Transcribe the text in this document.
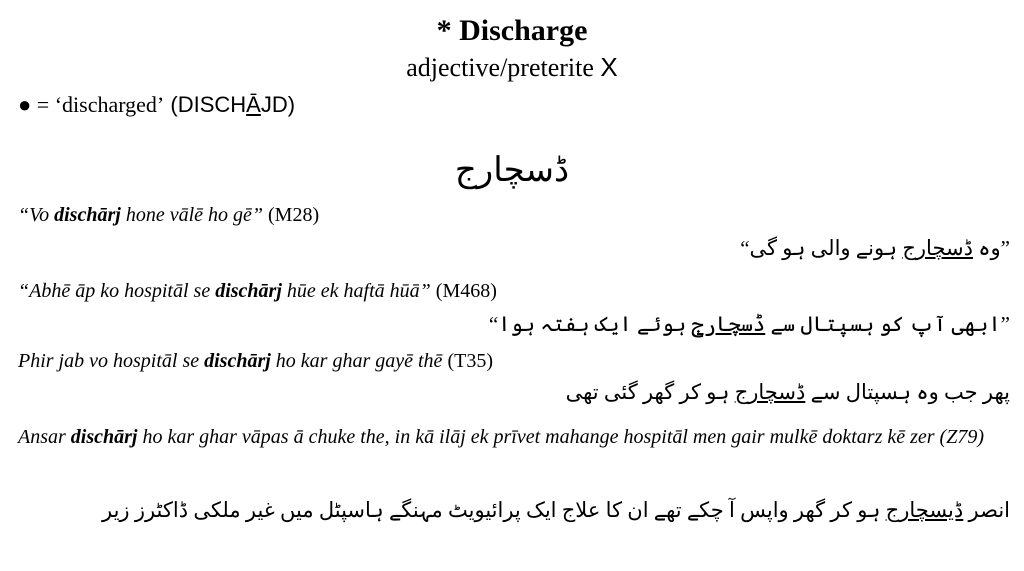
* Discharge
adjective/preterite X
● = ‘discharged’ (DISCHĀJD)
ڈسچارج
“Vo dischārj hone vālē ho gē” (M28)
”وہ ڈسچارج ہونے والی ہو گی“
“Abhē āp ko hospitāl se dischārj hūe ek haftā hūā” (M468)
”ابھی آپ کو ہسپتال سے ڈسچارج ہوئے ایک ہفتہ ہوا“
Phir jab vo hospitāl se dischārj ho kar ghar gayē thē (T35)
پھر جب وہ ہسپتال سے ڈسچارج ہو کر گھر گئی تھی
Ansar dischārj ho kar ghar vāpas ā chuke the, in kā ilāj ek prīvet mahange hospitāl men gair mulkē doktarz kē zer (Z79)
انصر ڈیسچارج ہو کر گھر واپس آ چکے تھے ان کا علاج ایک پرائیویٹ مہنگے ہاسپٹل میں غیر ملکی ڈاکٹرز زیر
